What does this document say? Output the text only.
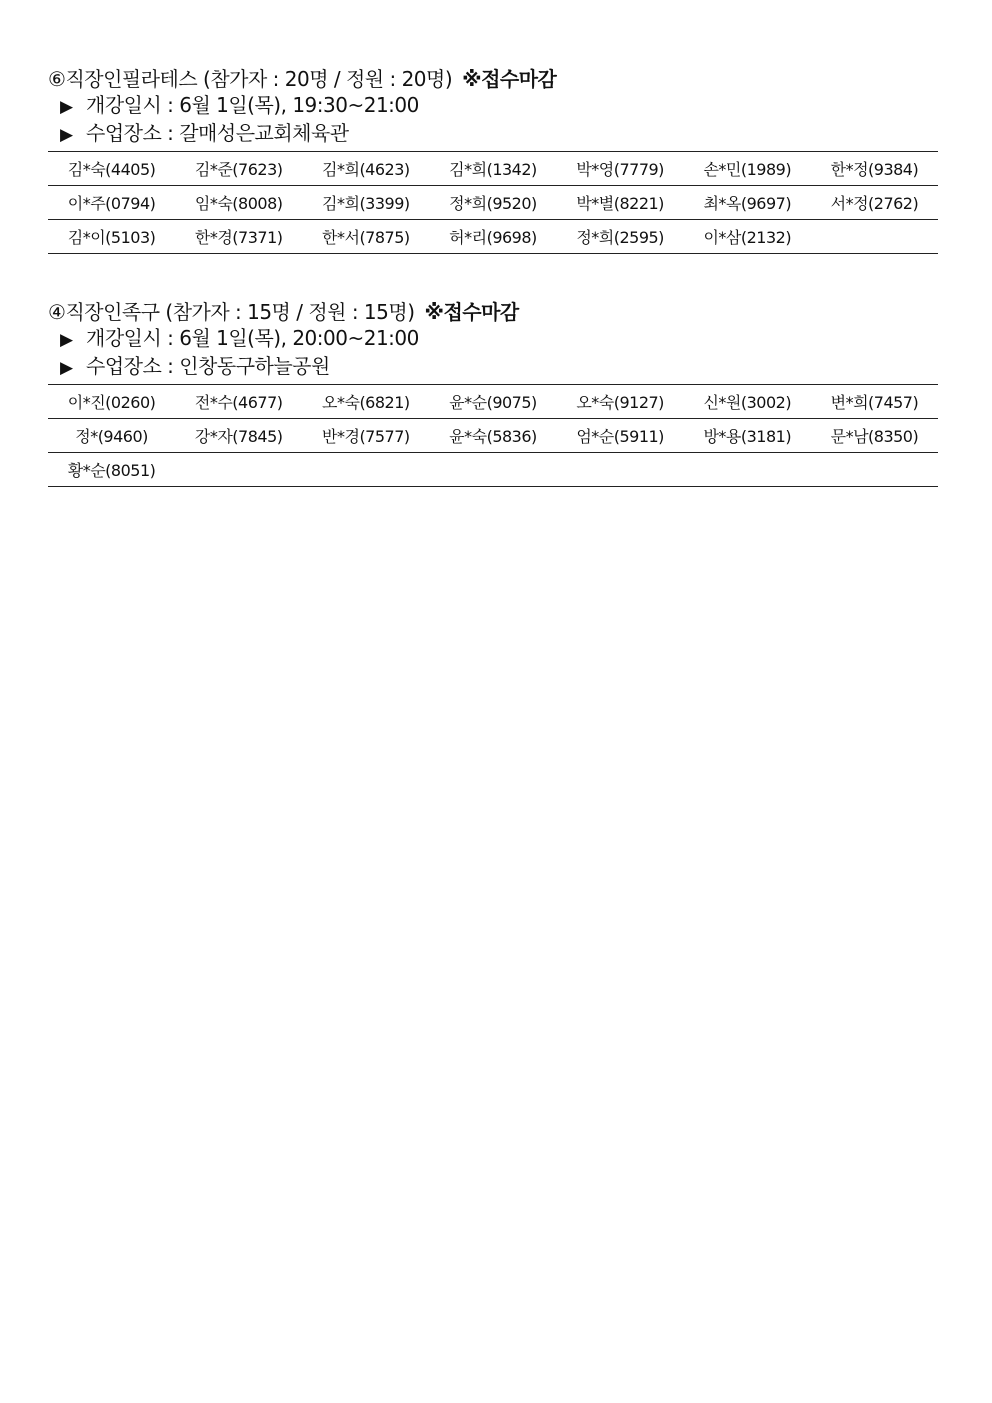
⑥직장인필라테스 (참가자 : 20명 / 정원 : 20명) ※접수마감
▶ 개강일시 : 6월 1일(목), 19:30~21:00
▶ 수업장소 : 갈매성은교회체육관
김*숙(4405)	김*준(7623)	김*희(4623)	김*희(1342)	박*영(7779)	손*민(1989)	한*정(9384)
이*주(0794)	임*숙(8008)	김*희(3399)	정*희(9520)	박*별(8221)	최*옥(9697)	서*정(2762)
김*이(5103)	한*경(7371)	한*서(7875)	허*리(9698)	정*희(2595)	이*삼(2132)	
④직장인족구 (참가자 : 15명 / 정원 : 15명) ※접수마감
▶ 개강일시 : 6월 1일(목), 20:00~21:00
▶ 수업장소 : 인창동구하늘공원
이*진(0260)	전*수(4677)	오*숙(6821)	윤*순(9075)	오*숙(9127)	신*원(3002)	변*희(7457)
정*(9460)	강*자(7845)	반*경(7577)	윤*숙(5836)	엄*순(5911)	방*용(3181)	문*남(8350)
황*순(8051)						
